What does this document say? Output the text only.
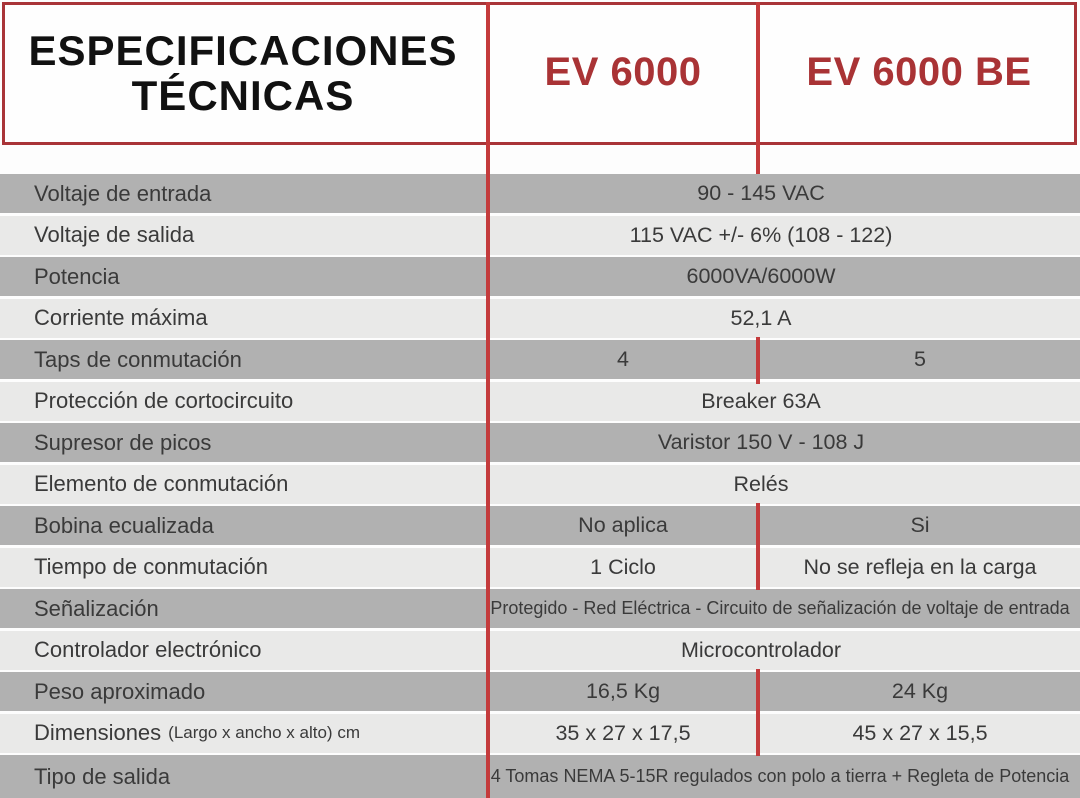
ESPECIFICACIONES
TÉCNICAS	EV 6000	EV 6000 BE
Voltaje de entrada	90 - 145 VAC
Voltaje de salida	115 VAC +/- 6% (108 - 122)
Potencia	6000VA/6000W
Corriente máxima	52,1 A
Taps de conmutación	4	5
Protección de cortocircuito	Breaker 63A
Supresor de picos	Varistor 150 V - 108 J
Elemento de conmutación	Relés
Bobina ecualizada	No aplica	Si
Tiempo de conmutación	1 Ciclo	No se refleja en la carga
Señalización	Protegido - Red Eléctrica - Circuito de señalización de voltaje de entrada
Controlador electrónico	Microcontrolador
Peso aproximado	16,5 Kg	24 Kg
Dimensiones (Largo x ancho x alto) cm	35 x 27 x 17,5	45 x 27 x 15,5
Tipo de salida	4 Tomas NEMA 5-15R regulados con polo a tierra + Regleta de Potencia
